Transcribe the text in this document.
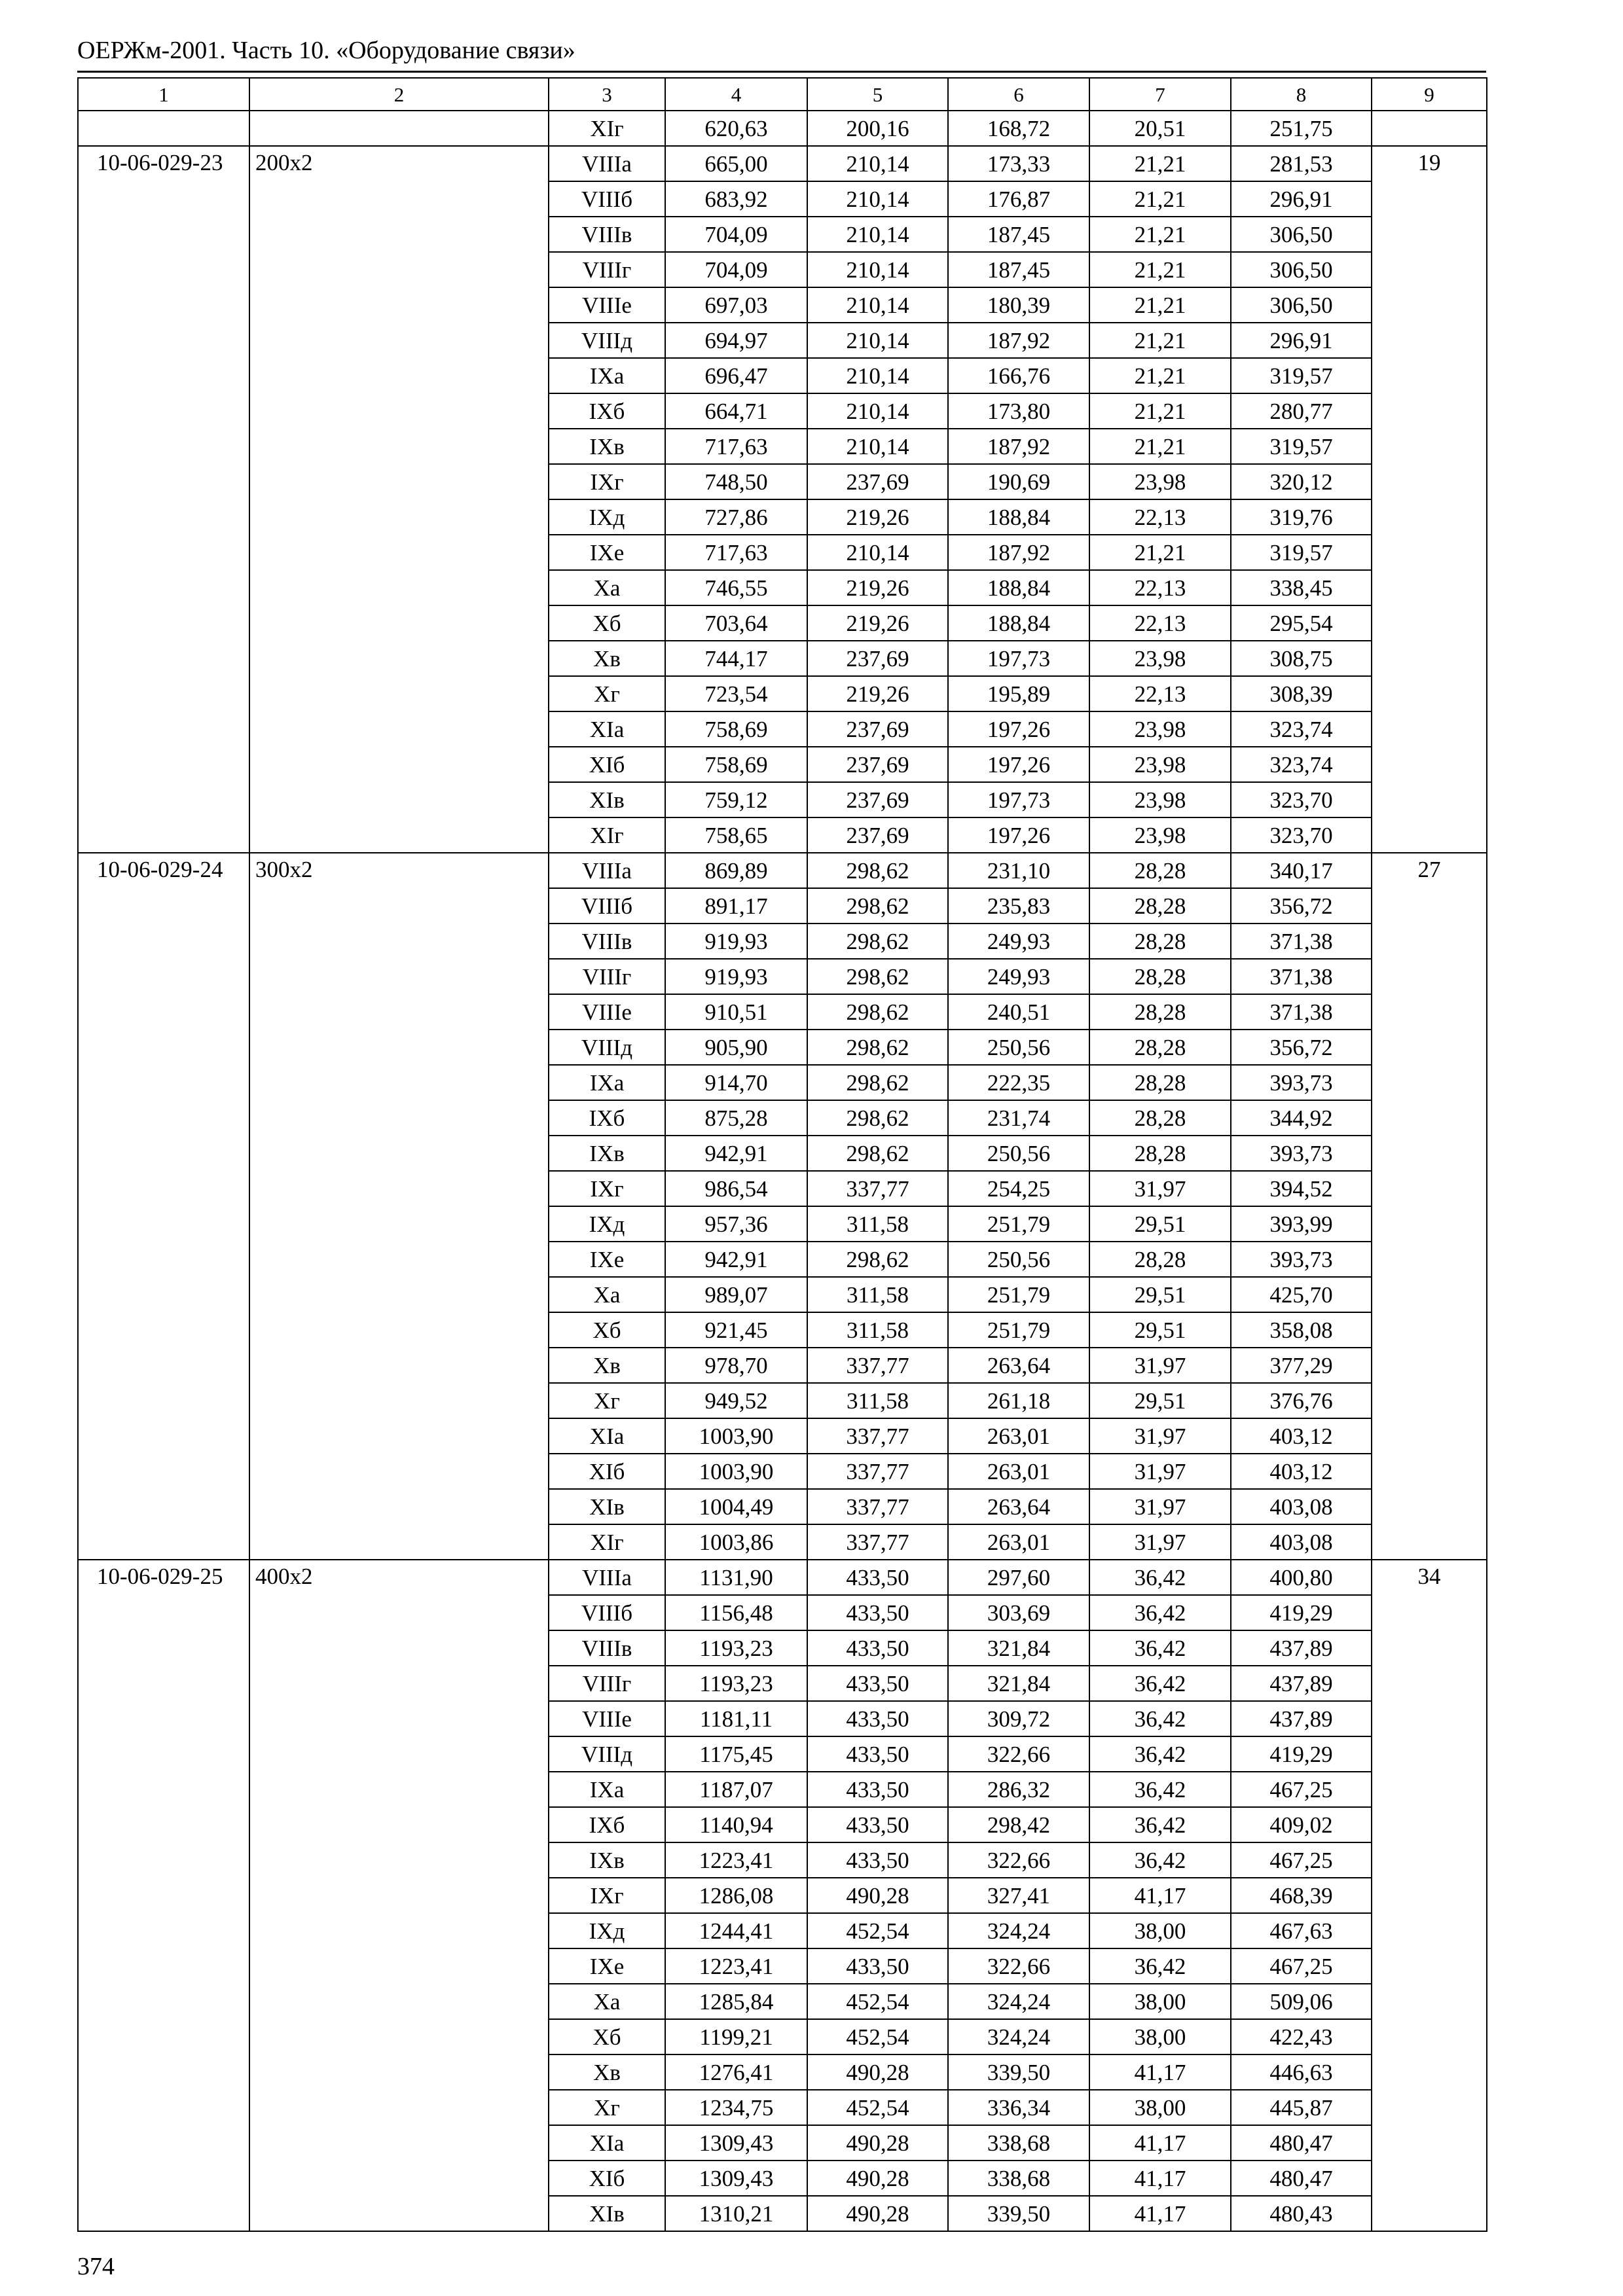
ОЕРЖм-2001. Часть 10. «Оборудование связи»
1	2	3	4	5	6	7	8	9
		XIг	620,63	200,16	168,72	20,51	251,75	
10-06-029-23	200x2	VIIIа	665,00	210,14	173,33	21,21	281,53	19
		VIIIб	683,92	210,14	176,87	21,21	296,91	
		VIIIв	704,09	210,14	187,45	21,21	306,50	
		VIIIг	704,09	210,14	187,45	21,21	306,50	
		VIIIе	697,03	210,14	180,39	21,21	306,50	
		VIIIд	694,97	210,14	187,92	21,21	296,91	
		IXа	696,47	210,14	166,76	21,21	319,57	
		IXб	664,71	210,14	173,80	21,21	280,77	
		IXв	717,63	210,14	187,92	21,21	319,57	
		IXг	748,50	237,69	190,69	23,98	320,12	
		IXд	727,86	219,26	188,84	22,13	319,76	
		IXе	717,63	210,14	187,92	21,21	319,57	
		Xа	746,55	219,26	188,84	22,13	338,45	
		Xб	703,64	219,26	188,84	22,13	295,54	
		Xв	744,17	237,69	197,73	23,98	308,75	
		Xг	723,54	219,26	195,89	22,13	308,39	
		XIа	758,69	237,69	197,26	23,98	323,74	
		XIб	758,69	237,69	197,26	23,98	323,74	
		XIв	759,12	237,69	197,73	23,98	323,70	
		XIг	758,65	237,69	197,26	23,98	323,70	
10-06-029-24	300x2	VIIIа	869,89	298,62	231,10	28,28	340,17	27
		VIIIб	891,17	298,62	235,83	28,28	356,72	
		VIIIв	919,93	298,62	249,93	28,28	371,38	
		VIIIг	919,93	298,62	249,93	28,28	371,38	
		VIIIе	910,51	298,62	240,51	28,28	371,38	
		VIIIд	905,90	298,62	250,56	28,28	356,72	
		IXа	914,70	298,62	222,35	28,28	393,73	
		IXб	875,28	298,62	231,74	28,28	344,92	
		IXв	942,91	298,62	250,56	28,28	393,73	
		IXг	986,54	337,77	254,25	31,97	394,52	
		IXд	957,36	311,58	251,79	29,51	393,99	
		IXе	942,91	298,62	250,56	28,28	393,73	
		Xа	989,07	311,58	251,79	29,51	425,70	
		Xб	921,45	311,58	251,79	29,51	358,08	
		Xв	978,70	337,77	263,64	31,97	377,29	
		Xг	949,52	311,58	261,18	29,51	376,76	
		XIа	1003,90	337,77	263,01	31,97	403,12	
		XIб	1003,90	337,77	263,01	31,97	403,12	
		XIв	1004,49	337,77	263,64	31,97	403,08	
		XIг	1003,86	337,77	263,01	31,97	403,08	
10-06-029-25	400x2	VIIIа	1131,90	433,50	297,60	36,42	400,80	34
		VIIIб	1156,48	433,50	303,69	36,42	419,29	
		VIIIв	1193,23	433,50	321,84	36,42	437,89	
		VIIIг	1193,23	433,50	321,84	36,42	437,89	
		VIIIе	1181,11	433,50	309,72	36,42	437,89	
		VIIIд	1175,45	433,50	322,66	36,42	419,29	
		IXа	1187,07	433,50	286,32	36,42	467,25	
		IXб	1140,94	433,50	298,42	36,42	409,02	
		IXв	1223,41	433,50	322,66	36,42	467,25	
		IXг	1286,08	490,28	327,41	41,17	468,39	
		IXд	1244,41	452,54	324,24	38,00	467,63	
		IXе	1223,41	433,50	322,66	36,42	467,25	
		Xа	1285,84	452,54	324,24	38,00	509,06	
		Xб	1199,21	452,54	324,24	38,00	422,43	
		Xв	1276,41	490,28	339,50	41,17	446,63	
		Xг	1234,75	452,54	336,34	38,00	445,87	
		XIа	1309,43	490,28	338,68	41,17	480,47	
		XIб	1309,43	490,28	338,68	41,17	480,47	
		XIв	1310,21	490,28	339,50	41,17	480,43	
374
